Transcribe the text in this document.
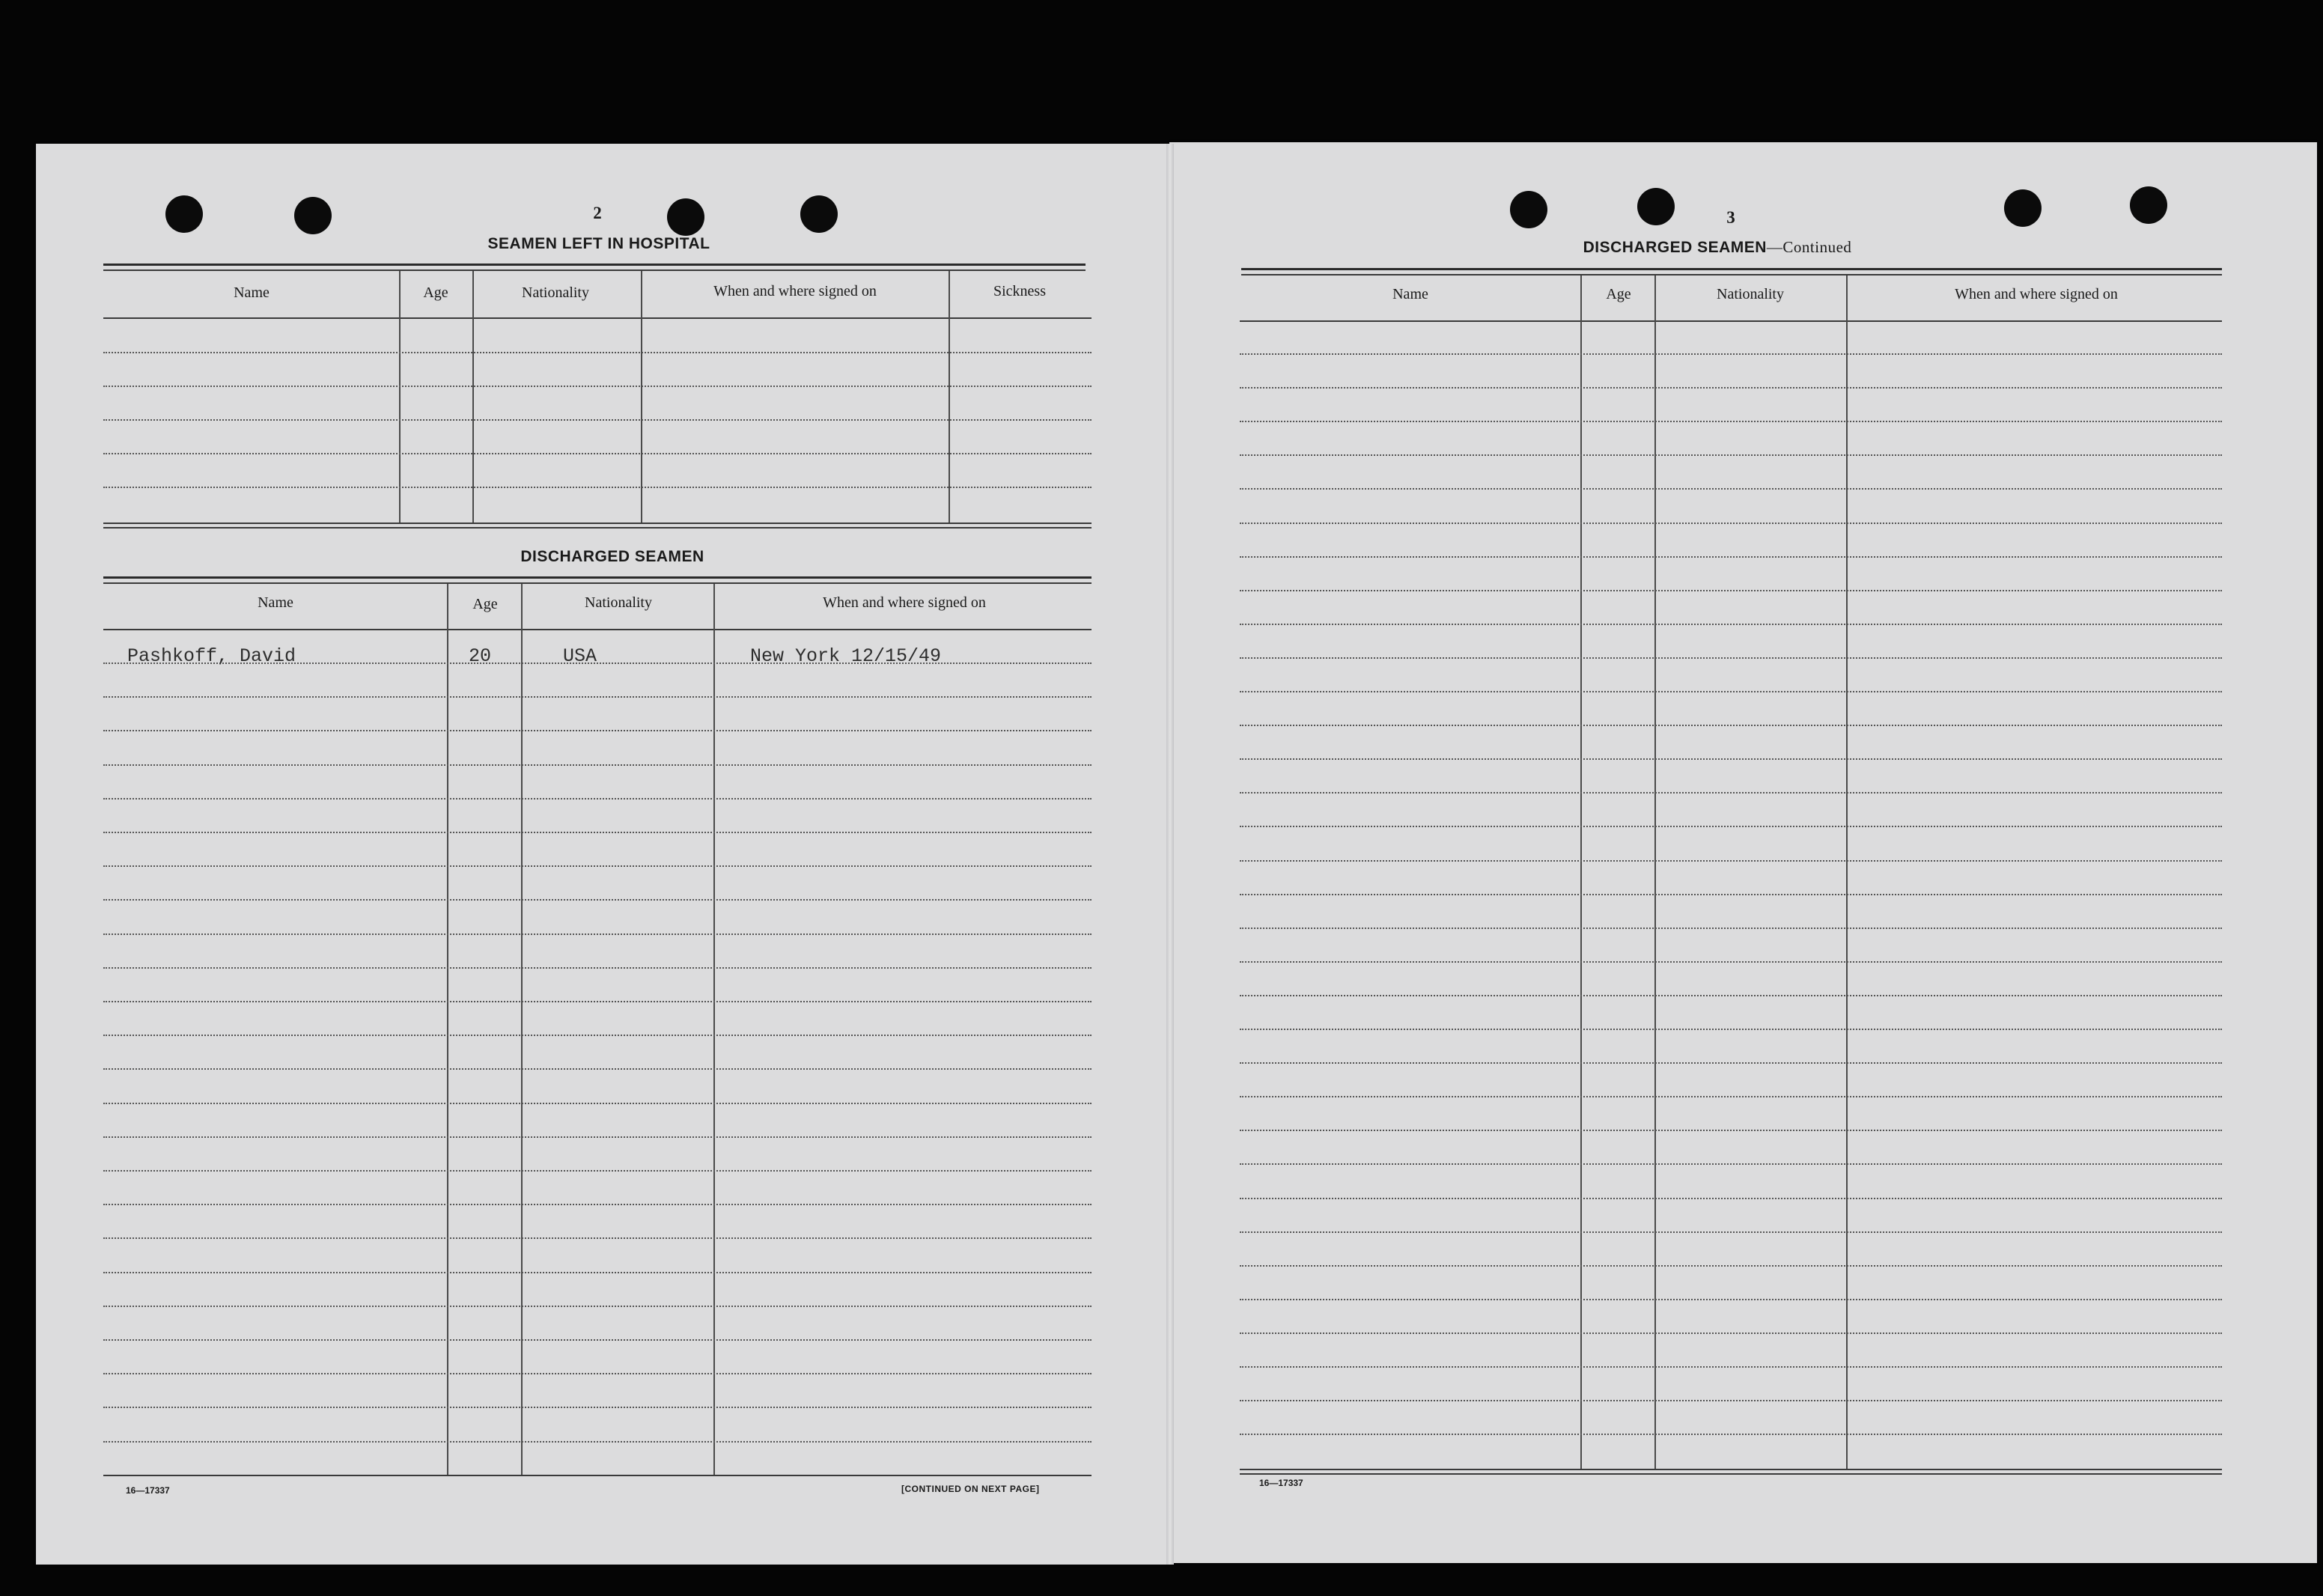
2
SEAMEN LEFT IN HOSPITAL
Name	Age	Nationality	When and where signed on	Sickness
DISCHARGED SEAMEN
Name	Age	Nationality	When and where signed on
Pashkoff, David	20	USA	New York 12/15/49
16—17337	[CONTINUED ON NEXT PAGE]
3
DISCHARGED SEAMEN—Continued
Name	Age	Nationality	When and where signed on
16—17337
